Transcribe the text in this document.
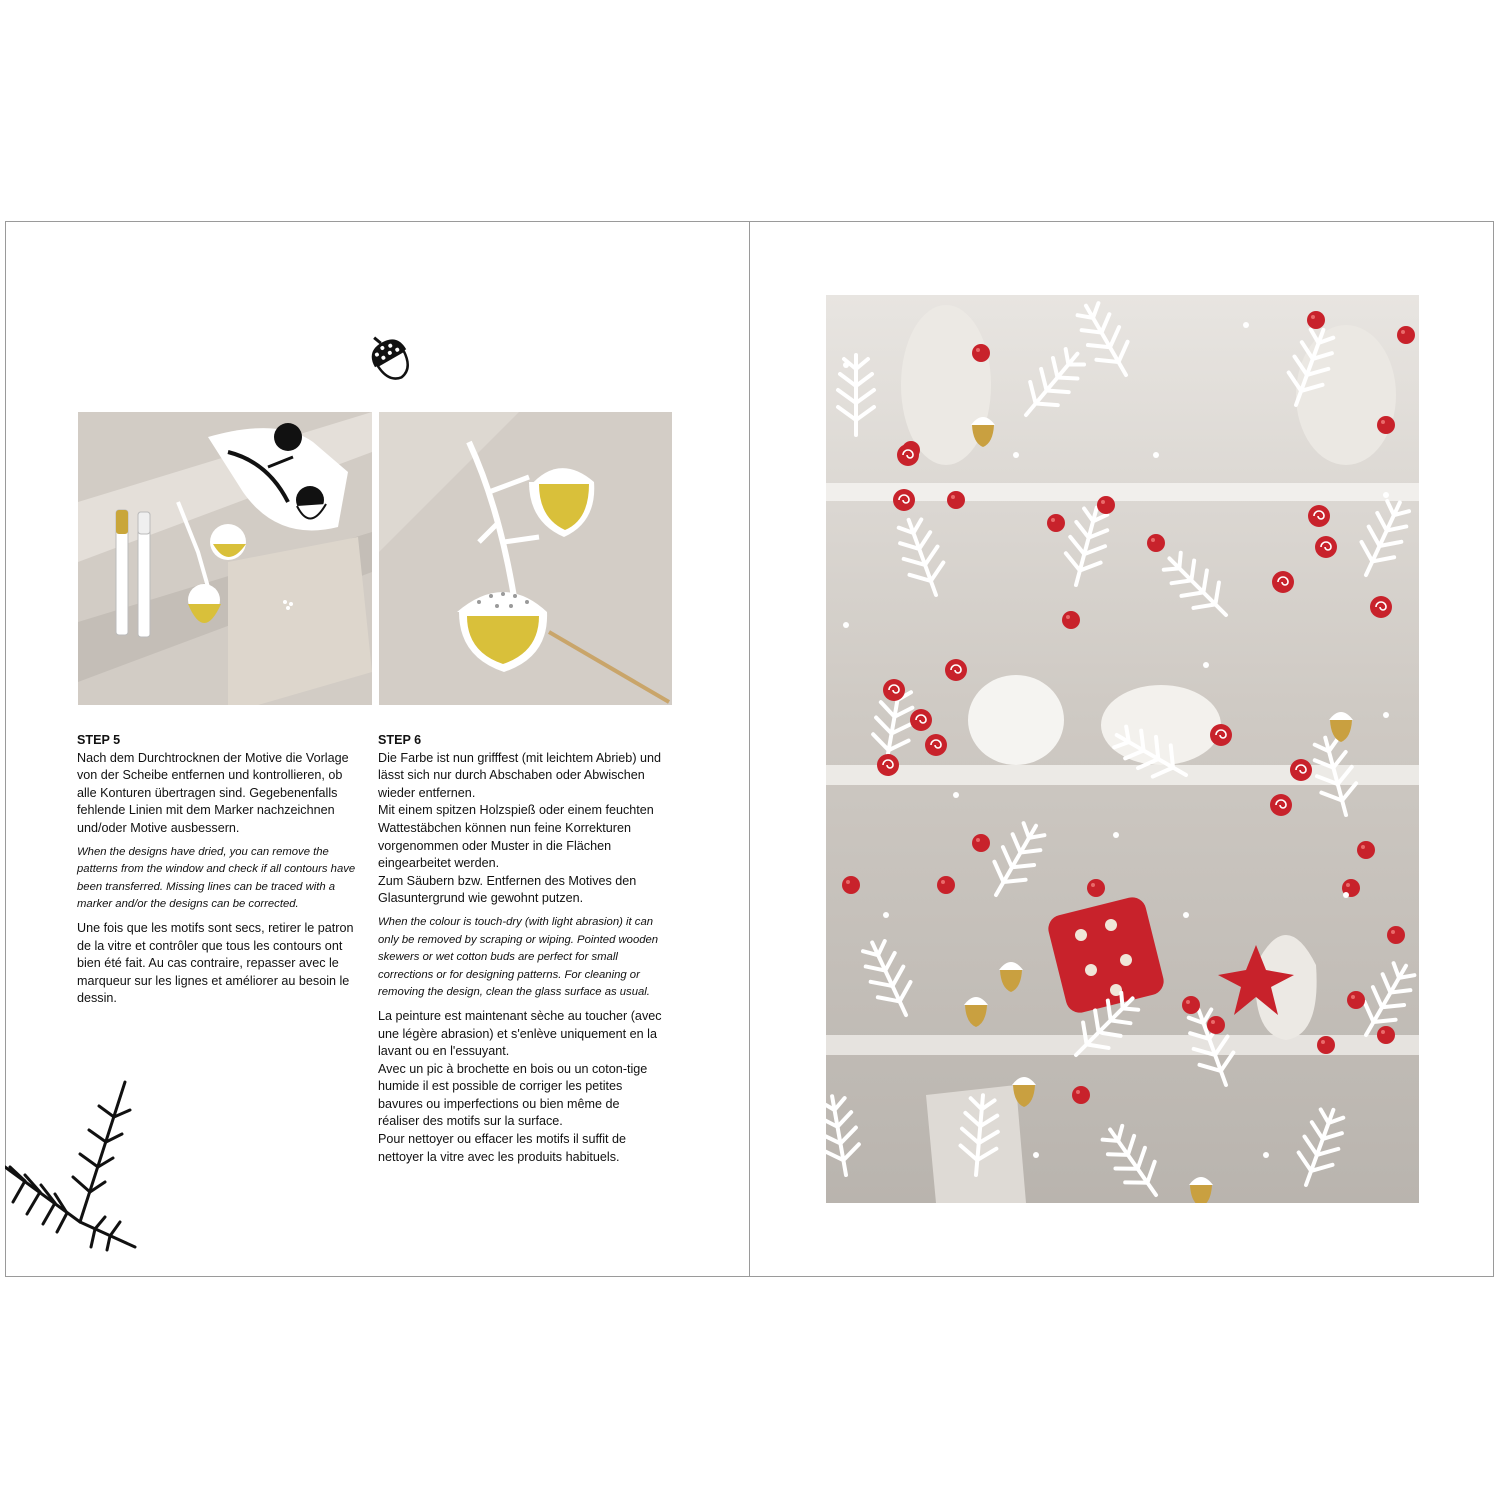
STEP 5

Nach dem Durchtrocknen der Motive die Vorlage von der Scheibe entfernen und kontrollieren, ob alle Konturen übertragen sind. Gegebenenfalls fehlende Linien mit dem Marker nachzeichnen und/oder Motive ausbessern.

When the designs have dried, you can remove the patterns from the window and check if all contours have been transferred. Missing lines can be traced with a marker and/or the designs can be corrected.

Une fois que les motifs sont secs, retirer le patron de la vitre et contrôler que tous les contours ont bien été fait. Au cas contraire, repasser avec le marqueur sur les lignes et améliorer au besoin le dessin.

STEP 6

Die Farbe ist nun grifffest (mit leichtem Abrieb) und lässt sich nur durch Abschaben oder Abwischen wieder entfernen.

Mit einem spitzen Holzspieß oder einem feuchten Wattestäbchen können nun feine Korrekturen vorgenommen oder Muster in die Flächen eingearbeitet werden.

Zum Säubern bzw. Entfernen des Motives den Glasuntergrund wie gewohnt putzen.

When the colour is touch-dry (with light abrasion) it can only be removed by scraping or wiping. Pointed wooden skewers or wet cotton buds are perfect for small corrections or for designing patterns. For cleaning or removing the design, clean the glass surface as usual.

La peinture est maintenant sèche au toucher (avec une légère abrasion) et s'enlève uniquement en la lavant ou en l'essuyant.

Avec un pic à brochette en bois ou un coton-tige humide il est possible de corriger les petites bavures ou imperfections ou bien même de réaliser des motifs sur la surface.

Pour nettoyer ou effacer les motifs il suffit de nettoyer la vitre avec les produits habituels.
